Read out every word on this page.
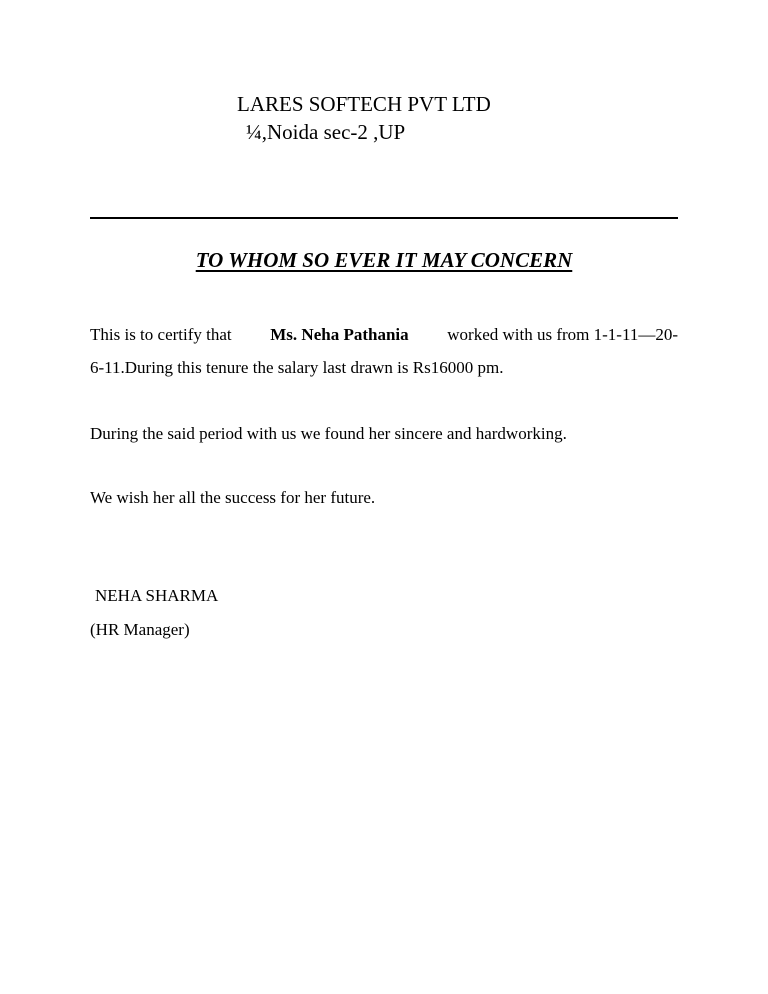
LARES SOFTECH PVT LTD
¼,Noida sec-2 ,UP
TO WHOM SO EVER IT MAY CONCERN
This is to certify that Ms. Neha Pathania worked with us from 1-1-11—20-
6-11.During this tenure the salary last drawn is Rs16000 pm.
During the said period with us we found her sincere and hardworking.
We wish her all the success for her future.
NEHA SHARMA
(HR Manager)
